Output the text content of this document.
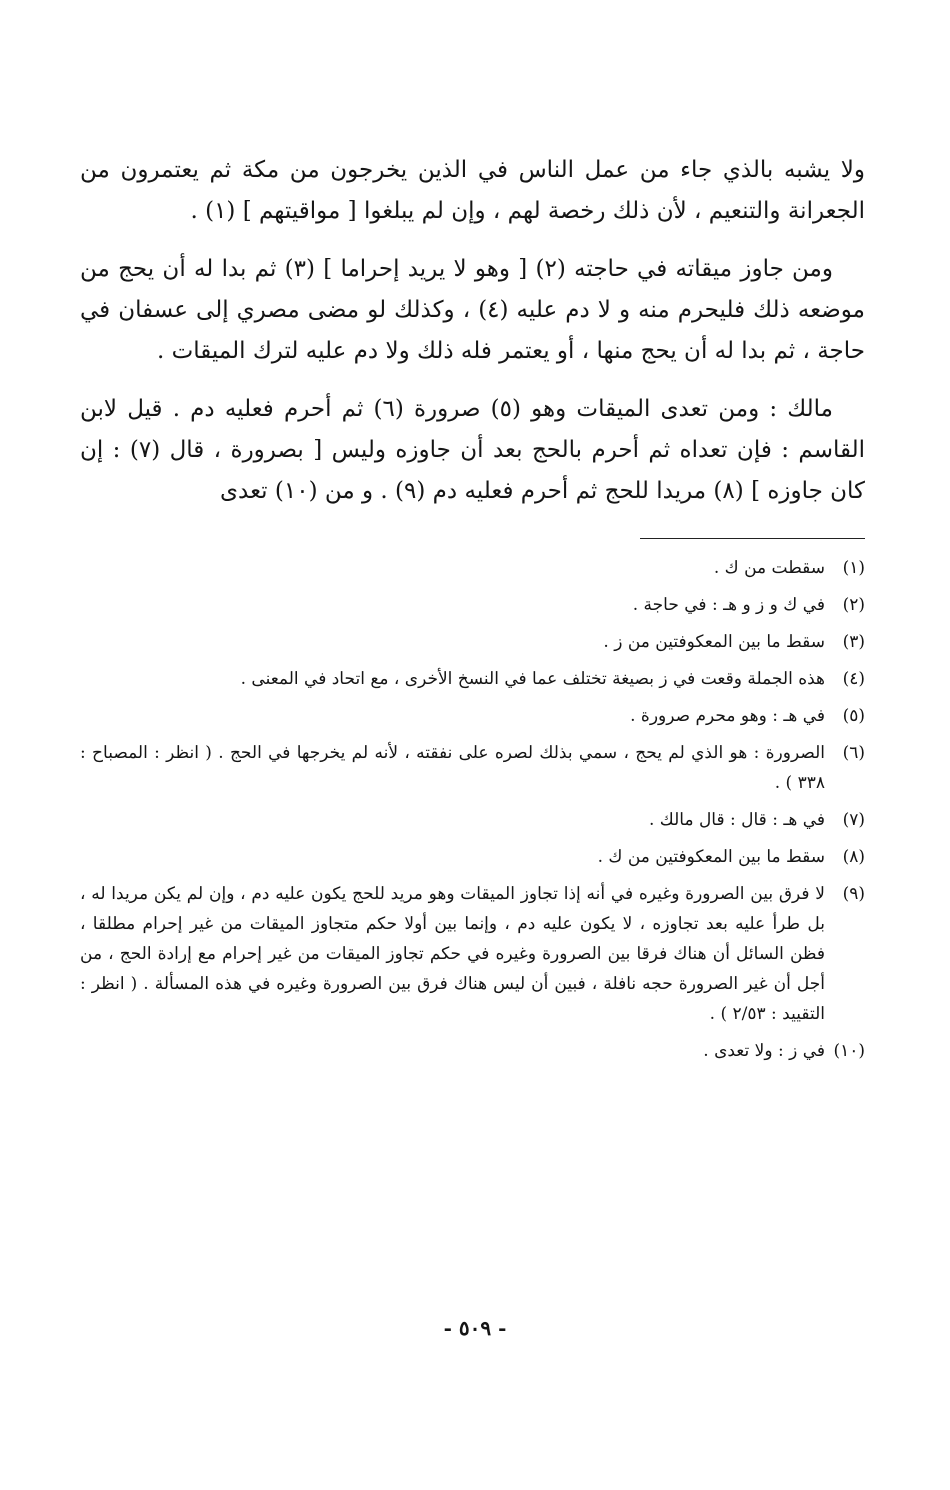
ولا يشبه بالذي جاء من عمل الناس في الذين يخرجون من مكة ثم يعتمرون من الجعرانة والتنعيم ، لأن ذلك رخصة لهم ، وإن لم يبلغوا [ مواقيتهم ] (١) .

ومن جاوز ميقاته في حاجته (٢) [ وهو لا يريد إحراما ] (٣) ثم بدا له أن يحج من موضعه ذلك فليحرم منه و لا دم عليه (٤) ، وكذلك لو مضى مصري إلى عسفان في حاجة ، ثم بدا له أن يحج منها ، أو يعتمر فله ذلك ولا دم عليه لترك الميقات .

مالك : ومن تعدى الميقات وهو (٥) صرورة (٦) ثم أحرم فعليه دم . قيل لابن القاسم : فإن تعداه ثم أحرم بالحج بعد أن جاوزه وليس [ بصرورة ، قال (٧) : إن كان جاوزه ] (٨) مريدا للحج ثم أحرم فعليه دم (٩) . و من (١٠) تعدى

(١)
سقطت من ك .
(٢)
في ك و ز و هـ : في حاجة .
(٣)
سقط ما بين المعكوفتين من ز .
(٤)
هذه الجملة وقعت في ز بصيغة تختلف عما في النسخ الأخرى ، مع اتحاد في المعنى .
(٥)
في هـ : وهو محرم صرورة .
(٦)
الصرورة : هو الذي لم يحج ، سمي بذلك لصره على نفقته ، لأنه لم يخرجها في الحج . ( انظر : المصباح : ٣٣٨ ) .
(٧)
في هـ : قال : قال مالك .
(٨)
سقط ما بين المعكوفتين من ك .
(٩)
لا فرق بين الصرورة وغيره في أنه إذا تجاوز الميقات وهو مريد للحج يكون عليه دم ، وإن لم يكن مريدا له ، بل طرأ عليه بعد تجاوزه ، لا يكون عليه دم ، وإنما بين أولا حكم متجاوز الميقات من غير إحرام مطلقا ، فظن السائل أن هناك فرقا بين الصرورة وغيره في حكم تجاوز الميقات من غير إحرام مع إرادة الحج ، من أجل أن غير الصرورة حجه نافلة ، فبين أن ليس هناك فرق بين الصرورة وغيره في هذه المسألة . ( انظر : التقييد : ٢/٥٣ ) .
(١٠)
في ز : ولا تعدى .
- ٥٠٩ -
